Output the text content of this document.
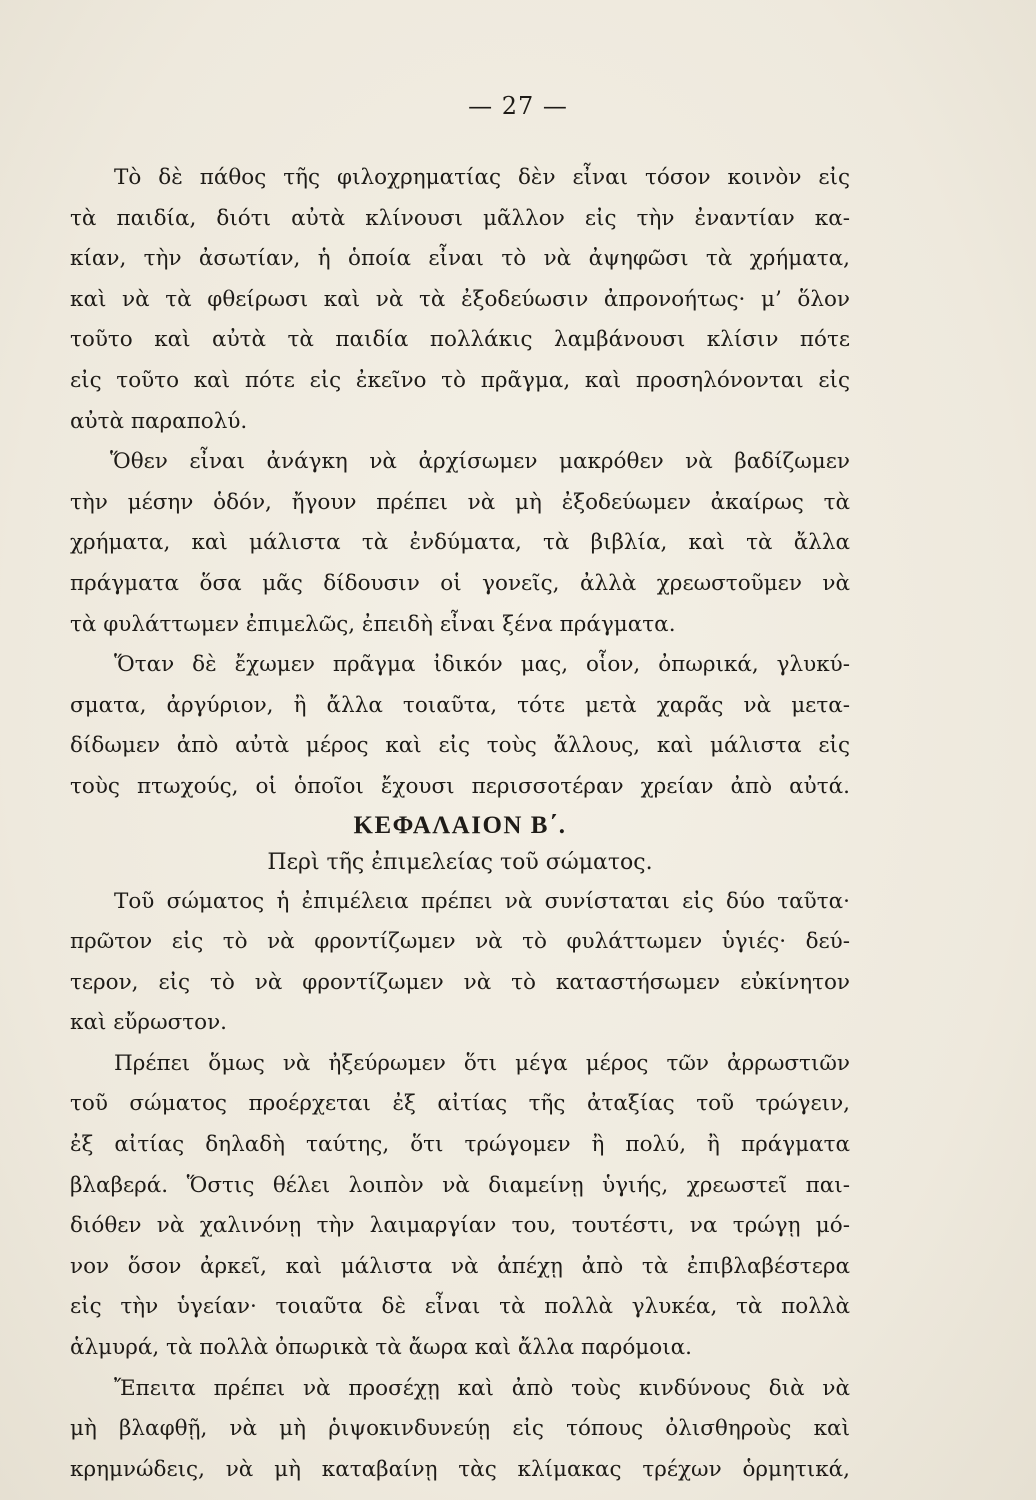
— 27 —
Τὸ δὲ πάθος τῆς φιλοχρηματίας δὲν εἶναι τόσον κοινὸν εἰς
τὰ παιδία, διότι αὐτὰ κλίνουσι μᾶλλον εἰς τὴν ἐναντίαν κα-
κίαν, τὴν ἀσωτίαν, ἡ ὁποία εἶναι τὸ νὰ ἀψηφῶσι τὰ χρήματα,
καὶ νὰ τὰ φθείρωσι καὶ νὰ τὰ ἐξοδεύωσιν ἀπρονοήτως· μ’ ὅλον
τοῦτο καὶ αὐτὰ τὰ παιδία πολλάκις λαμβάνουσι κλίσιν πότε
εἰς τοῦτο καὶ πότε εἰς ἐκεῖνο τὸ πρᾶγμα, καὶ προσηλόνονται εἰς
αὐτὰ παραπολύ.
Ὅθεν εἶναι ἀνάγκη νὰ ἀρχίσωμεν μακρόθεν νὰ βαδίζωμεν
τὴν μέσην ὁδόν, ἤγουν πρέπει νὰ μὴ ἐξοδεύωμεν ἀκαίρως τὰ
χρήματα, καὶ μάλιστα τὰ ἐνδύματα, τὰ βιβλία, καὶ τὰ ἄλλα
πράγματα ὅσα μᾶς δίδουσιν οἱ γονεῖς, ἀλλὰ χρεωστοῦμεν νὰ
τὰ φυλάττωμεν ἐπιμελῶς, ἐπειδὴ εἶναι ξένα πράγματα.
Ὅταν δὲ ἔχωμεν πρᾶγμα ἰδικόν μας, οἷον, ὀπωρικά, γλυκύ-
σματα, ἀργύριον, ἢ ἄλλα τοιαῦτα, τότε μετὰ χαρᾶς νὰ μετα-
δίδωμεν ἀπὸ αὐτὰ μέρος καὶ εἰς τοὺς ἄλλους, καὶ μάλιστα εἰς
τοὺς πτωχούς, οἱ ὁποῖοι ἔχουσι περισσοτέραν χρείαν ἀπὸ αὐτά.
ΚΕΦΑΛΑΙΟΝ Β΄.
Περὶ τῆς ἐπιμελείας τοῦ σώματος.
Τοῦ σώματος ἡ ἐπιμέλεια πρέπει νὰ συνίσταται εἰς δύο ταῦτα·
πρῶτον εἰς τὸ νὰ φροντίζωμεν νὰ τὸ φυλάττωμεν ὑγιές· δεύ-
τερον, εἰς τὸ νὰ φροντίζωμεν νὰ τὸ καταστήσωμεν εὐκίνητον
καὶ εὔρωστον.
Πρέπει ὅμως νὰ ἠξεύρωμεν ὅτι μέγα μέρος τῶν ἀρρωστιῶν
τοῦ σώματος προέρχεται ἐξ αἰτίας τῆς ἀταξίας τοῦ τρώγειν,
ἐξ αἰτίας δηλαδὴ ταύτης, ὅτι τρώγομεν ἢ πολύ, ἢ πράγματα
βλαβερά. Ὅστις θέλει λοιπὸν νὰ διαμείνῃ ὑγιής, χρεωστεῖ παι-
διόθεν νὰ χαλινόνῃ τὴν λαιμαργίαν του, τουτέστι, να τρώγῃ μό-
νον ὅσον ἀρκεῖ, καὶ μάλιστα νὰ ἀπέχῃ ἀπὸ τὰ ἐπιβλαβέστερα
εἰς τὴν ὑγείαν· τοιαῦτα δὲ εἶναι τὰ πολλὰ γλυκέα, τὰ πολλὰ
ἁλμυρά, τὰ πολλὰ ὀπωρικὰ τὰ ἄωρα καὶ ἄλλα παρόμοια.
Ἔπειτα πρέπει νὰ προσέχῃ καὶ ἀπὸ τοὺς κινδύνους διὰ νὰ
μὴ βλαφθῇ, νὰ μὴ ῥιψοκινδυνεύῃ εἰς τόπους ὀλισθηροὺς καὶ
κρημνώδεις, νὰ μὴ καταβαίνῃ τὰς κλίμακας τρέχων ὁρμητικά,
